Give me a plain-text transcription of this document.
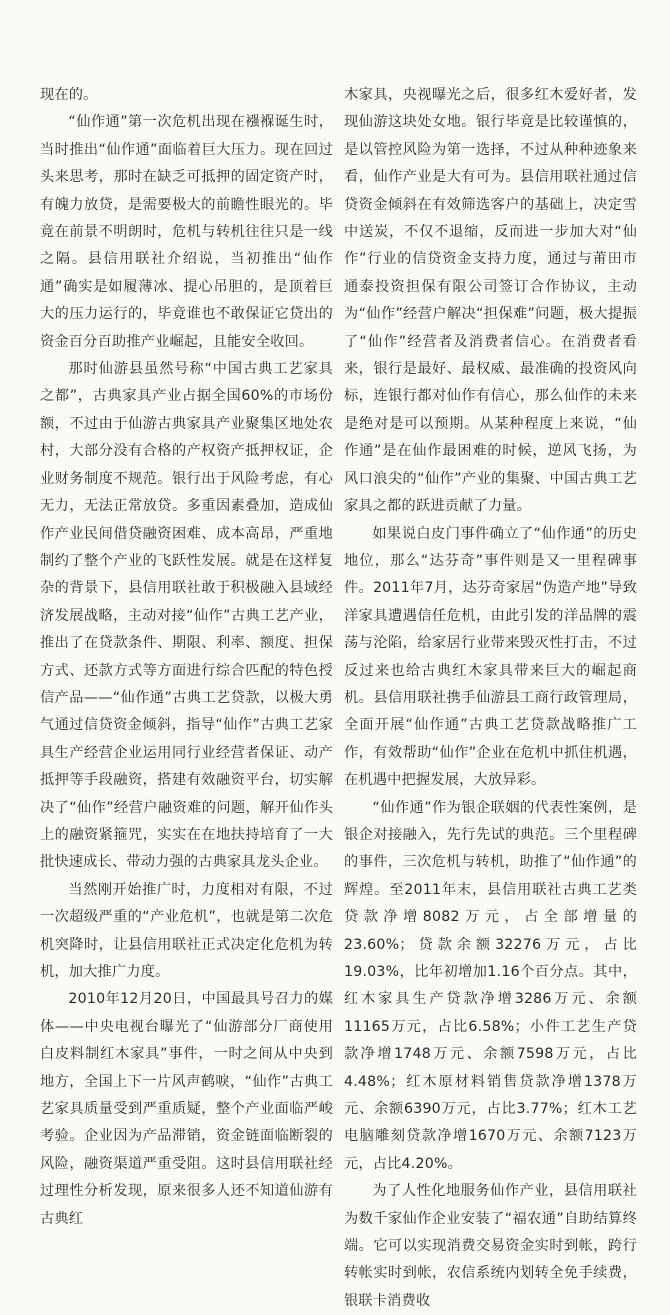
现在的。

“仙作通”第一次危机出现在襁褓诞生时，当时推出“仙作通”面临着巨大压力。现在回过头来思考，那时在缺乏可抵押的固定资产时，有魄力放贷，是需要极大的前瞻性眼光的。毕竟在前景不明朗时，危机与转机往往只是一线之隔。县信用联社介绍说，当初推出“仙作通”确实是如履薄冰、提心吊胆的，是顶着巨大的压力运行的，毕竟谁也不敢保证它贷出的资金百分百助推产业崛起，且能安全收回。

那时仙游县虽然号称“中国古典工艺家具之都”，古典家具产业占据全国60%的市场份额，不过由于仙游古典家具产业聚集区地处农村，大部分没有合格的产权资产抵押权证，企业财务制度不规范。银行出于风险考虑，有心无力，无法正常放贷。多重因素叠加，造成仙作产业民间借贷融资困难、成本高昂，严重地制约了整个产业的飞跃性发展。就是在这样复杂的背景下，县信用联社敢于积极融入县域经济发展战略，主动对接“仙作”古典工艺产业，推出了在贷款条件、期限、利率、额度、担保方式、还款方式等方面进行综合匹配的特色授信产品——“仙作通”古典工艺贷款，以极大勇气通过信贷资金倾斜，指导“仙作”古典工艺家具生产经营企业运用同行业经营者保证、动产抵押等手段融资，搭建有效融资平台，切实解决了“仙作”经营户融资难的问题，解开仙作头上的融资紧箍咒，实实在在地扶持培育了一大批快速成长、带动力强的古典家具龙头企业。

当然刚开始推广时，力度相对有限，不过一次超级严重的“产业危机”，也就是第二次危机突降时，让县信用联社正式决定化危机为转机，加大推广力度。

2010年12月20日，中国最具号召力的媒体——中央电视台曝光了“仙游部分厂商使用白皮料制红木家具”事件，一时之间从中央到地方，全国上下一片风声鹤唳，“仙作”古典工艺家具质量受到严重质疑，整个产业面临严峻考验。企业因为产品滞销，资金链面临断裂的风险，融资渠道严重受阻。这时县信用联社经过理性分析发现，原来很多人还不知道仙游有古典红

木家具，央视曝光之后，很多红木爱好者，发现仙游这块处女地。银行毕竟是比较谨慎的，是以管控风险为第一选择，不过从种种迹象来看，仙作产业是大有可为。县信用联社通过信贷资金倾斜在有效筛选客户的基础上，决定雪中送炭，不仅不退缩，反而进一步加大对“仙作”行业的信贷资金支持力度，通过与莆田市通泰投资担保有限公司签订合作协议，主动为“仙作”经营户解决“担保难”问题，极大提振了“仙作”经营者及消费者信心。在消费者看来，银行是最好、最权威、最准确的投资风向标，连银行都对仙作有信心，那么仙作的未来是绝对是可以预期。从某种程度上来说，“仙作通”是在仙作最困难的时候，逆风飞扬，为风口浪尖的“仙作”产业的集聚、中国古典工艺家具之都的跃进贡献了力量。

如果说白皮门事件确立了“仙作通”的历史地位，那么“达芬奇”事件则是又一里程碑事件。2011年7月，达芬奇家居“伪造产地”导致洋家具遭遇信任危机，由此引发的洋品牌的震荡与沦陷，给家居行业带来毁灭性打击，不过反过来也给古典红木家具带来巨大的崛起商机。县信用联社携手仙游县工商行政管理局，全面开展“仙作通”古典工艺贷款战略推广工作，有效帮助“仙作”企业在危机中抓住机遇，在机遇中把握发展，大放异彩。

“仙作通”作为银企联姻的代表性案例，是银企对接融入，先行先试的典范。三个里程碑的事件，三次危机与转机，助推了“仙作通”的辉煌。至2011年末，县信用联社古典工艺类贷款净增8082万元，占全部增量的23.60%；贷款余额32276万元，占比19.03%，比年初增加1.16个百分点。其中，红木家具生产贷款净增3286万元、余额11165万元，占比6.58%；小件工艺生产贷款净增1748万元、余额7598万元，占比4.48%；红木原材料销售贷款净增1378万元、余额6390万元，占比3.77%；红木工艺电脑雕刻贷款净增1670万元、余额7123万元，占比4.20%。

为了人性化地服务仙作产业，县信用联社为数千家仙作企业安装了“福农通”自助结算终端。它可以实现消费交易资金实时到帐，跨行转帐实时到帐，农信系统内划转全免手续费，银联卡消费收
